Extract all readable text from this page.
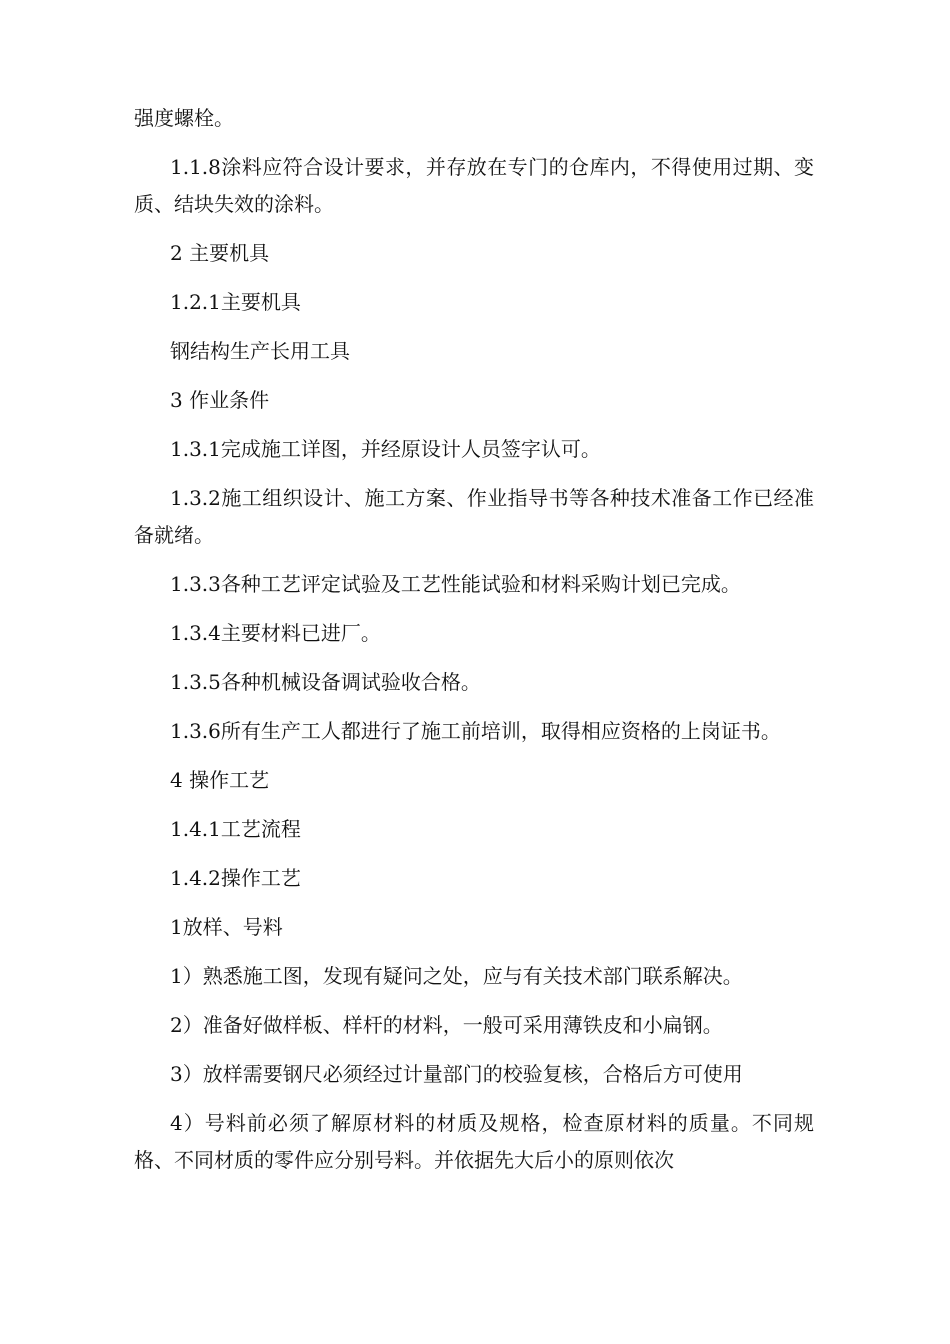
强度螺栓。

1.1.8涂料应符合设计要求，并存放在专门的仓库内，不得使用过期、变质、结块失效的涂料。

2 主要机具

1.2.1主要机具

钢结构生产长用工具

3 作业条件

1.3.1完成施工详图，并经原设计人员签字认可。

1.3.2施工组织设计、施工方案、作业指导书等各种技术准备工作已经准备就绪。

1.3.3各种工艺评定试验及工艺性能试验和材料采购计划已完成。

1.3.4主要材料已进厂。

1.3.5各种机械设备调试验收合格。

1.3.6所有生产工人都进行了施工前培训，取得相应资格的上岗证书。

4 操作工艺

1.4.1工艺流程

1.4.2操作工艺

1放样、号料

1）熟悉施工图，发现有疑问之处，应与有关技术部门联系解决。

2）准备好做样板、样杆的材料，一般可采用薄铁皮和小扁钢。

3）放样需要钢尺必须经过计量部门的校验复核，合格后方可使用

4）号料前必须了解原材料的材质及规格，检查原材料的质量。不同规格、不同材质的零件应分别号料。并依据先大后小的原则依次
